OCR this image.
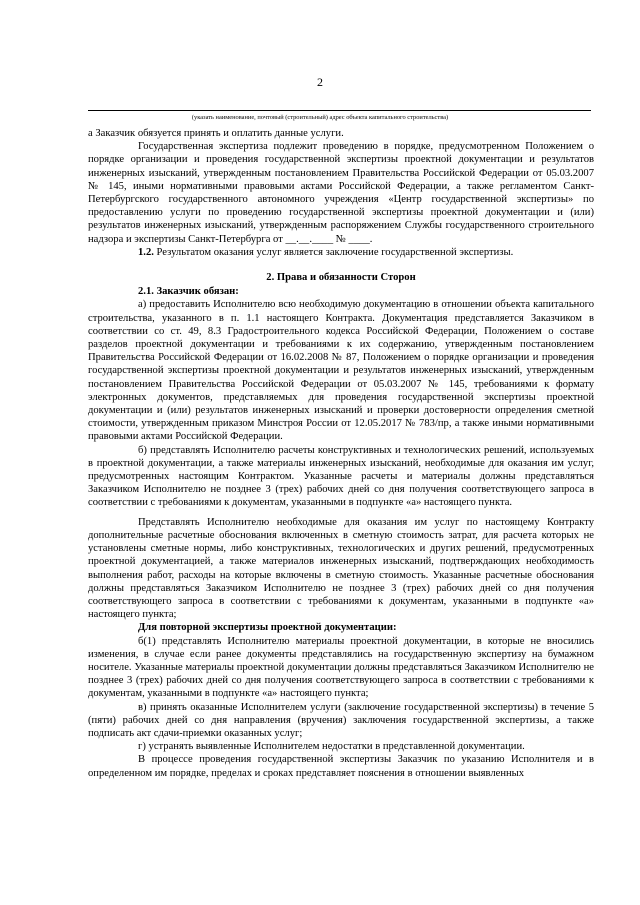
2
(указать наименование, почтовый (строительный) адрес объекта капитального строительства)

а Заказчик обязуется принять и оплатить данные услуги.

Государственная экспертиза подлежит проведению в порядке, предусмотренном Положением о порядке организации и проведения государственной экспертизы проектной документации и результатов инженерных изысканий, утвержденным постановлением Правительства Российской Федерации от 05.03.2007 № 145, иными нормативными правовыми актами Российской Федерации, а также регламентом Санкт-Петербургского государственного автономного учреждения «Центр государственной экспертизы» по предоставлению услуги по проведению государственной экспертизы проектной документации и (или) результатов инженерных изысканий, утвержденным распоряжением Службы государственного строительного надзора и экспертизы Санкт-Петербурга от __.__.____ № ____.

1.2. Результатом оказания услуг является заключение государственной экспертизы.

2. Права и обязанности Сторон

2.1. Заказчик обязан:

а) предоставить Исполнителю всю необходимую документацию в отношении объекта капитального строительства, указанного в п. 1.1 настоящего Контракта. Документация представляется Заказчиком в соответствии со ст. 49, 8.3 Градостроительного кодекса Российской Федерации, Положением о составе разделов проектной документации и требованиями к их содержанию, утвержденным постановлением Правительства Российской Федерации от 16.02.2008 № 87, Положением о порядке организации и проведения государственной экспертизы проектной документации и результатов инженерных изысканий, утвержденным постановлением Правительства Российской Федерации от 05.03.2007 № 145, требованиями к формату электронных документов, представляемых для проведения государственной экспертизы проектной документации и (или) результатов инженерных изысканий и проверки достоверности определения сметной стоимости, утвержденным приказом Минстроя России от 12.05.2017 № 783/пр, а также иными нормативными правовыми актами Российской Федерации.

б) представлять Исполнителю расчеты конструктивных и технологических решений, используемых в проектной документации, а также материалы инженерных изысканий, необходимые для оказания им услуг, предусмотренных настоящим Контрактом. Указанные расчеты и материалы должны представляться Заказчиком Исполнителю не позднее 3 (трех) рабочих дней со дня получения соответствующего запроса в соответствии с требованиями к документам, указанными в подпункте «а» настоящего пункта.

Представлять Исполнителю необходимые для оказания им услуг по настоящему Контракту дополнительные расчетные обоснования включенных в сметную стоимость затрат, для расчета которых не установлены сметные нормы, либо конструктивных, технологических и других решений, предусмотренных проектной документацией, а также материалов инженерных изысканий, подтверждающих необходимость выполнения работ, расходы на которые включены в сметную стоимость. Указанные расчетные обоснования должны представляться Заказчиком Исполнителю не позднее 3 (трех) рабочих дней со дня получения соответствующего запроса в соответствии с требованиями к документам, указанными в подпункте «а» настоящего пункта;

Для повторной экспертизы проектной документации:

б(1) представлять Исполнителю материалы проектной документации, в которые не вносились изменения, в случае если ранее документы представлялись на государственную экспертизу на бумажном носителе. Указанные материалы проектной документации должны представляться Заказчиком Исполнителю не позднее 3 (трех) рабочих дней со дня получения соответствующего запроса в соответствии с требованиями к документам, указанными в подпункте «а» настоящего пункта;

в) принять оказанные Исполнителем услуги (заключение государственной экспертизы) в течение 5 (пяти) рабочих дней со дня направления (вручения) заключения государственной экспертизы, а также подписать акт сдачи-приемки оказанных услуг;

г) устранять выявленные Исполнителем недостатки в представленной документации.

В процессе проведения государственной экспертизы Заказчик по указанию Исполнителя и в определенном им порядке, пределах и сроках представляет пояснения в отношении выявленных
